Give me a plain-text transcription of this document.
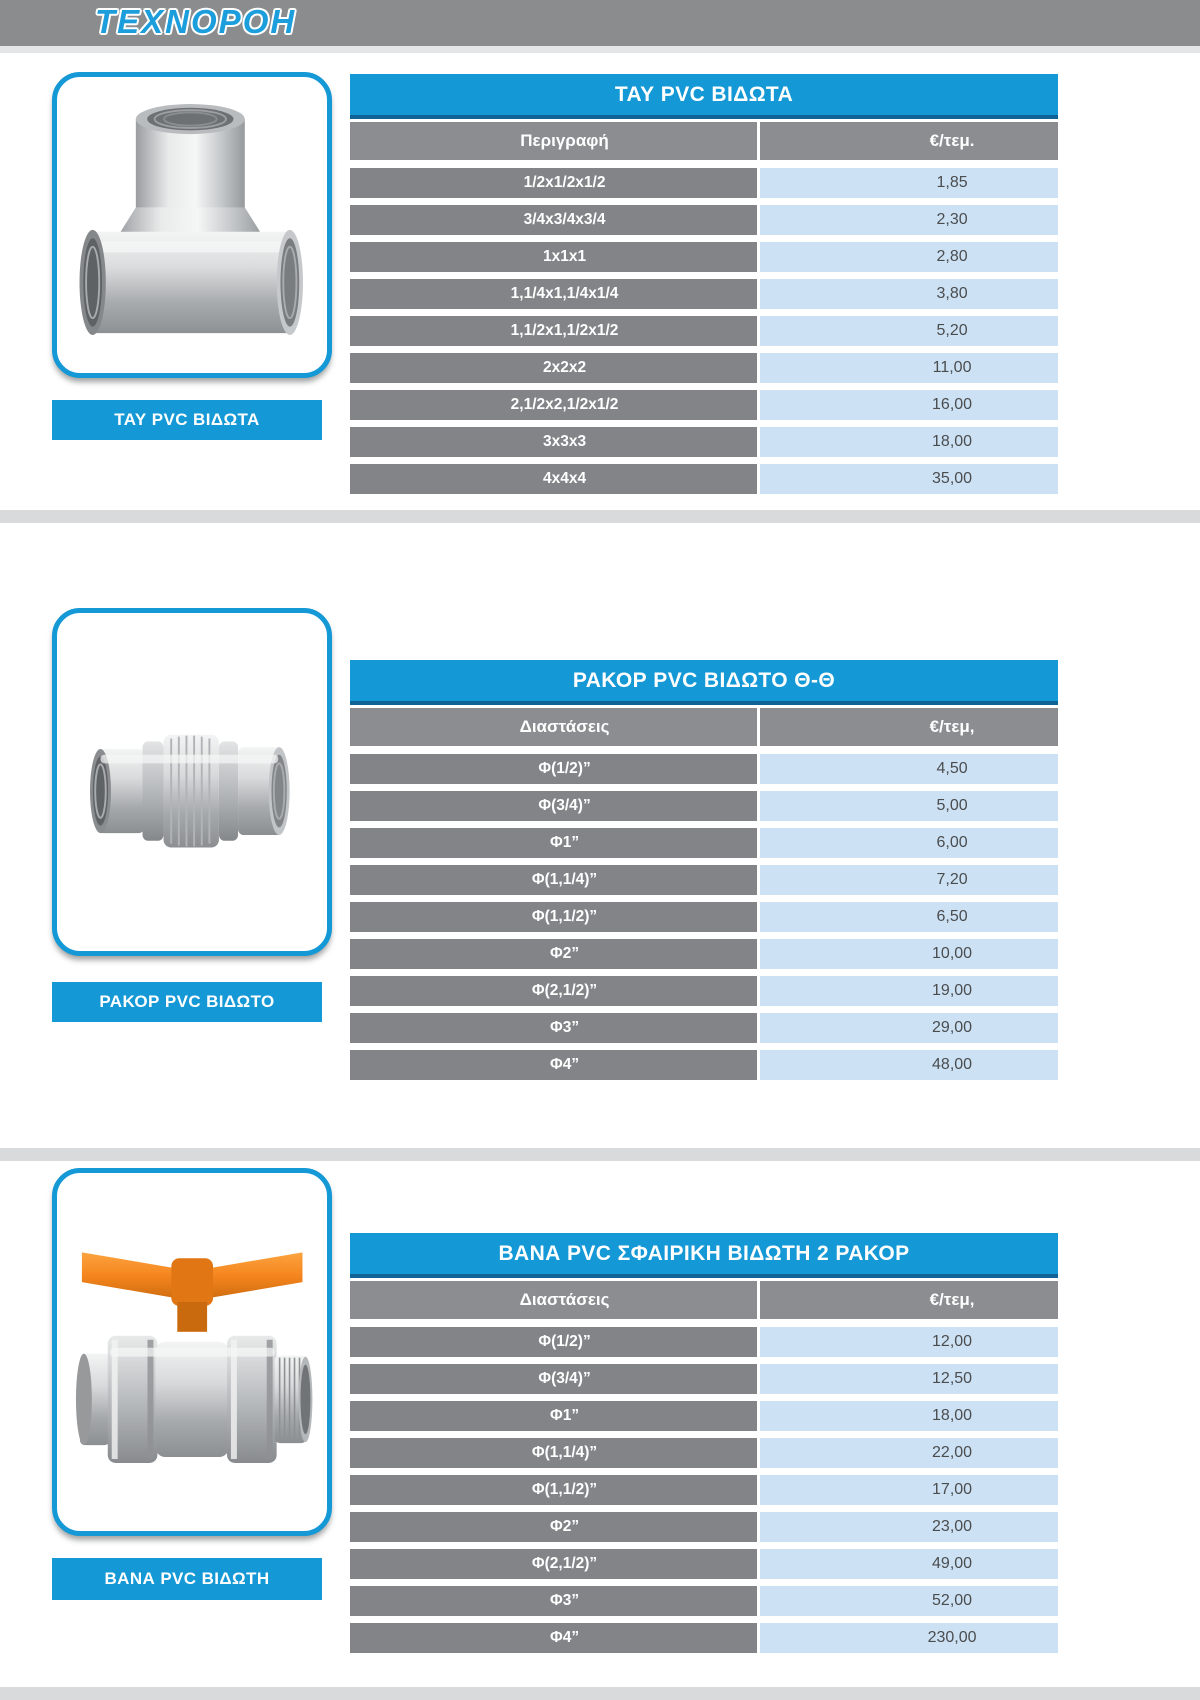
ΤΕΧΝΟΡΟΗ
ΤΑΥ PVC ΒΙΔΩΤΑ
ΤΑΥ PVC ΒΙΔΩΤΑ
Περιγραφή	€/τεμ.
1/2x1/2x1/2	1,85
3/4x3/4x3/4	2,30
1x1x1	2,80
1,1/4x1,1/4x1/4	3,80
1,1/2x1,1/2x1/2	5,20
2x2x2	11,00
2,1/2x2,1/2x1/2	16,00
3x3x3	18,00
4x4x4	35,00
ΡΑΚΟΡ PVC ΒΙΔΩΤΟ
ΡΑΚΟΡ PVC ΒΙΔΩΤΟ Θ-Θ
Διαστάσεις	€/τεμ,
Φ(1/2)”	4,50
Φ(3/4)”	5,00
Φ1”	6,00
Φ(1,1/4)”	7,20
Φ(1,1/2)”	6,50
Φ2”	10,00
Φ(2,1/2)”	19,00
Φ3”	29,00
Φ4”	48,00
ΒΑΝΑ PVC ΒΙΔΩΤΗ
ΒΑΝΑ PVC ΣΦΑΙΡΙΚΗ ΒΙΔΩΤΗ 2 ΡΑΚΟΡ
Διαστάσεις	€/τεμ,
Φ(1/2)”	12,00
Φ(3/4)”	12,50
Φ1”	18,00
Φ(1,1/4)”	22,00
Φ(1,1/2)”	17,00
Φ2”	23,00
Φ(2,1/2)”	49,00
Φ3”	52,00
Φ4”	230,00
